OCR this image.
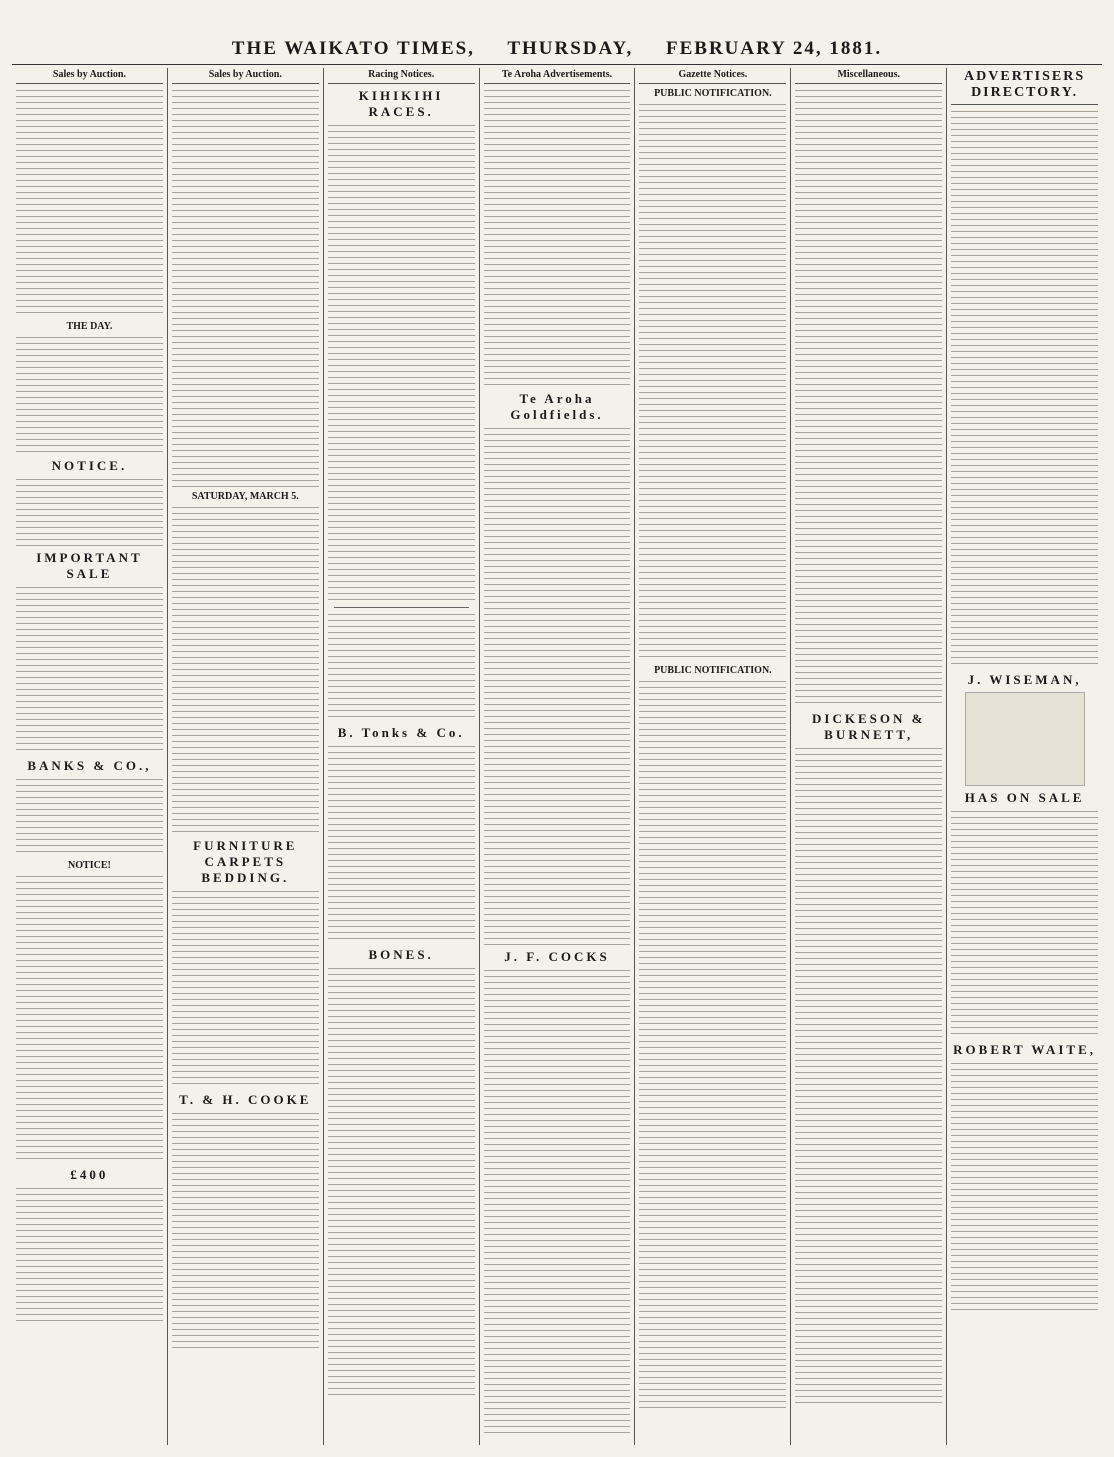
THE WAIKATO TIMES, THURSDAY, FEBRUARY 24, 1881.
Sales by Auction.
THE DAY.
NOTICE.
IMPORTANT SALE
BANKS & CO.,
NOTICE!
£400
Sales by Auction.
SATURDAY, MARCH 5.
FURNITURE CARPETS BEDDING.
T. & H. COOKE
Racing Notices.
KIHIKIHI RACES.
B. Tonks & Co.
BONES.
Te Aroha Advertisements.
Te Aroha Goldfields.
J. F. COCKS
Gazette Notices.
PUBLIC NOTIFICATION.
PUBLIC NOTIFICATION.
Miscellaneous.
DICKESON & BURNETT,
ADVERTISERS DIRECTORY.
J. WISEMAN,
HAS ON SALE
ROBERT WAITE,
